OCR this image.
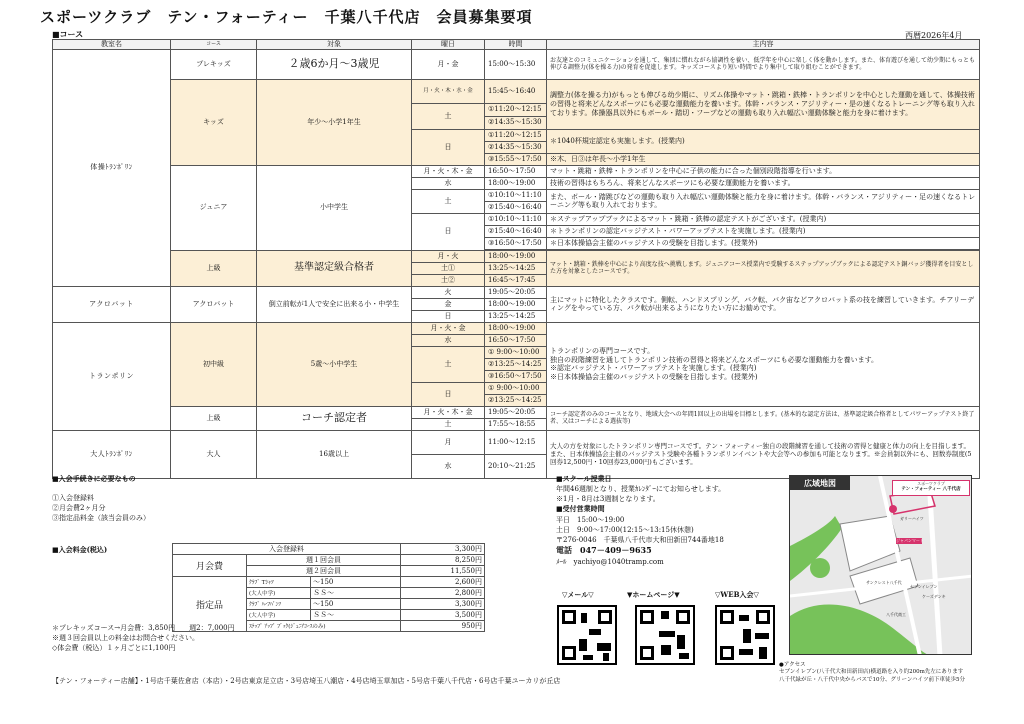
スポーツクラブ　テン・フォーティー　千葉八千代店　会員募集要項
■コース	西暦2026年4月
教室名	コース	対象	曜日	時間	主内容
体操ﾄﾗﾝﾎﾟﾘﾝ	プレキッズ	２歳6か月～3歳児	月・金	15:00～15:30	お友達とのコミュニケーションを通して、集団に慣れながら協調性を養い、低学年を中心に楽しく体を動かします。また、体育遊びを通して幼少期にもっとも伸びる調整力(体を操る力)の発育を促進します。キッズコースより短い時間でより集中して取り組むことができます。
	キッズ	年少～小学1年生	月・火・木・水・金	15:45～16:40	調整力(体を操る力)がもっとも伸びる幼少期に、リズム体操やマット・跳箱・鉄棒・トランポリンを中心とした運動を通して、体操技術の習得と将来どんなスポーツにも必要な運動能力を養います。体幹・バランス・アジリティー・是の速くなるトレーニング等も取り入れております。体操器具以外にもボール・踏切・フープなどの運動も取り入れ幅広い運動体験と能力を身に着けます。
			土	①11:20～12:15	
				②14:35～15:30	
			日	①11:20～12:15	＊1040杯規定認定も実施します。(授業内)
				②14:35～15:30	
				③15:55～17:50	※木、日③は年長～小学1年生
	ジュニア	小中学生	月・火・木・金	16:50～17:50	マット・跳箱・鉄棒・トランポリンを中心に子供の能力に合った個別段階指導を行います。
			水	18:00～19:00	技術の習得はもちろん、将来どんなスポーツにも必要な運動能力を養います。
			土	①10:10～11:10	また、ボール・踏跳びなどの運動も取り入れ幅広い運動体験と能力を身に着けます。体幹・バランス・アジリティー・足の速くなるトレーニング等も取り入れております。
				②15:40～16:40	
			日	①10:10～11:10	＊ステップアップブックによるマット・跳箱・鉄棒の認定テストがございます。(授業内)
				②15:40～16:40	＊トランポリンの認定バッジテスト・パワーアップテストを実施します。(授業内)
				③16:50～17:50	＊日本体操協会主催のバッジテストの受験を目指します。(授業外)

	上級	基準認定級合格者	月・火	18:00～19:00	マット・跳箱・鉄棒を中心により高度な技へ挑戦します。ジュニアコース授業内で受験するステップアップブックによる認定テスト銅バッジ獲得者を目安とした方を対象としたコースです。
			土①	13:25～14:25	
			土②	16:45～17:45	
アクロバット	アクロバット	倒立前転が1人で安全に出来る小・中学生	火	19:05～20:05	主にマットに特化したクラスです。側転、ハンドスプリング、バク転、バク宙などアクロバット系の技を練習していきます。チアリーディングをやっている方、バク転が出来るようになりたい方にお勧めです。
			金	18:00～19:00	
			日	13:25～14:25	
トランポリン	初中級	5歳～小中学生	月・火・金	18:00～19:00	トランポリンの専門コースです。
独自の段階練習を通してトランポリン技術の習得と将来どんなスポーツにも必要な運動能力を養います。
※認定バッジテスト・パワーアップテストを実施します。(授業内)
※日本体操協会主催のバッジテストの受験を目指します。(授業外)

			水	16:50～17:50	
			土	① 9:00～10:00	
				②13:25～14:25	
				③16:50～17:50	
			日	① 9:00～10:00	
				②13:25～14:25	
	上級	コーチ認定者	月・火・木・金	19:05～20:05	コーチ認定者のみのコースとなり、地域大会への年間1回以上の出場を目標とします。(基本的な認定方法は、基準認定級合格者としてパワーアップテスト終了者、又はコーチによる選抜等)
			土	17:55～18:55	
大人ﾄﾗﾝﾎﾟﾘﾝ	大人	16歳以上	月	11:00～12:15	大人の方を対象にしたトランポリン専門コースです。テン・フォーティー独自の段階練習を通して技術の習得と健康と体力の向上を目指します。また、日本体操協会主催のバッジテスト受験や各種トランポリンイベントや大会等への参加も可能となります。※会員制以外にも、回数券制度(5回券12,500円・10回券23,000円)もございます。
			水	20:10～21:25	
■入会手続きに必要なもの
①入会登録料
②月会費2ヶ月分
③指定品料金（該当会員のみ）
■入会料金(税込)	入会登録料			3,300円
月会費	週１回会員		8,250円
	週２回会員		11,550円
指定品	ｸﾗﾌﾞ Tｼｬﾂ	～150	2,600円
	(大人中学)	ＳＳ～	2,800円
	ｸﾗﾌﾞ ﾊｰﾌﾊﾟﾝﾂ	～150	3,300円
	(大人中学)	ＳＳ～	3,500円
	ｽﾃｯﾌﾟ ｱｯﾌﾟ ﾌﾞｯｸ(ｼﾞｭﾆｱｺｰｽのみ)		950円
＊プレキッズコース→月会費：3,850円　　週2：7,000円
※週３回会員以上の料金はお問合せください。
◇体会費（税込）１ヶ月ごとに1,100円
【テン・フォーティー店舗】・1号店千葉佐倉店（本店）・2号店東京足立店・3号店埼玉八潮店・4号店埼玉草加店・5号店千葉八千代店・6号店千葉ユーカリが丘店
■スクール授業日
年間46週制となり、授業ｶﾚﾝﾀﾞｰにてお知らせします。
※1月・8月は3週制となります。
■受付営業時間
平日　15:00～19:00
土日　9:00～17:00(12:15～13:15休休憩)
〒276-0046　千葉県八千代市大和田新田744番地18
電話　 047－409－9635
ﾒｰﾙ　 yachiyo@1040tramp.com
▽メール▽	▼ホームページ▼	▽WEB入会▽
広域地図	スポーツクラブ
テン・フォーティー 八千代店
ガリーハイツ
ジャパンマート
サンクレスト八千代
ケーズデンキ
セブンイレブン
八千代商工
●アクセス
セブンイレブン(八千代大和田新田店)横道路を入り約200m先左にあります
八千代緑が丘・八千代中央からバスで10分、グリーンハイツ前下車徒歩5分
